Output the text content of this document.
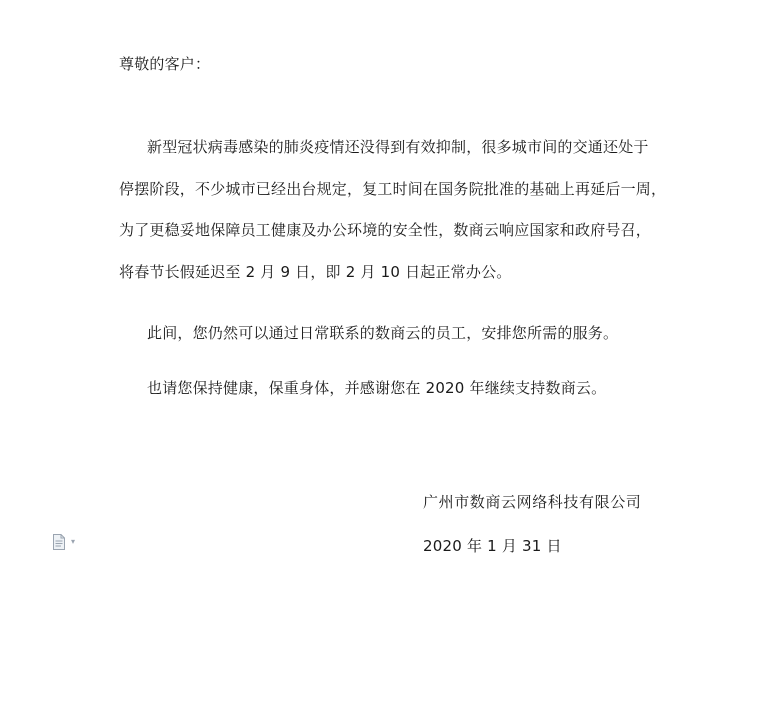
尊敬的客户：
新型冠状病毒感染的肺炎疫情还没得到有效抑制，很多城市间的交通还处于
停摆阶段，不少城市已经出台规定，复工时间在国务院批准的基础上再延后一周，
为了更稳妥地保障员工健康及办公环境的安全性，数商云响应国家和政府号召，
将春节长假延迟至 2 月 9 日，即 2 月 10 日起正常办公。
此间，您仍然可以通过日常联系的数商云的员工，安排您所需的服务。
也请您保持健康，保重身体，并感谢您在 2020 年继续支持数商云。
广州市数商云网络科技有限公司
2020 年 1 月 31 日
▾
